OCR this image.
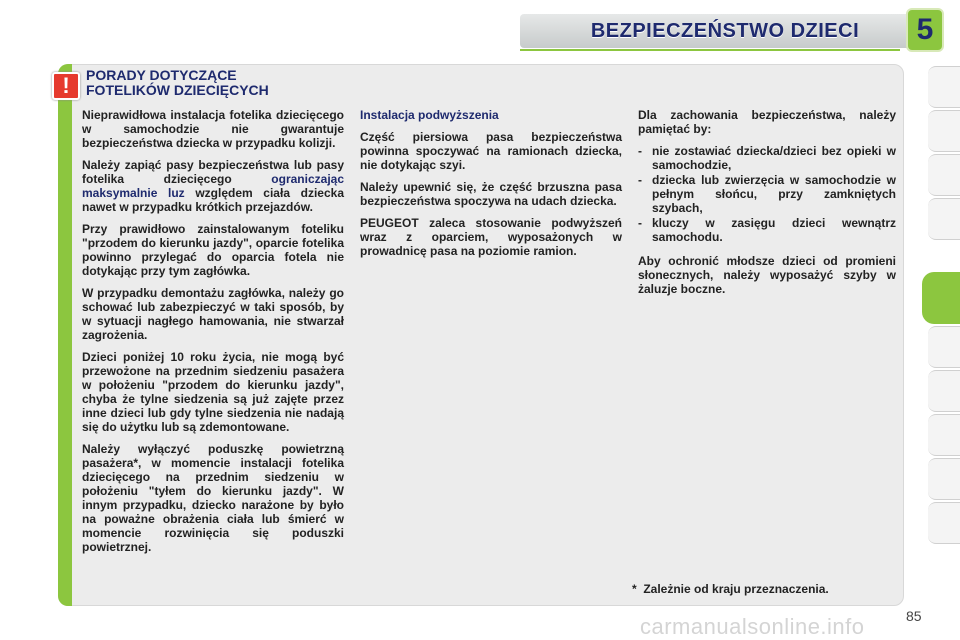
BEZPIECZEŃSTWO DZIECI	5
!	PORADY DOTYCZĄCE
FOTELIKÓW DZIECIĘCYCH

Nieprawidłowa instalacja fotelika dziecięcego w samochodzie nie gwarantuje bezpieczeństwa dziecka w przypadku kolizji.

Należy zapiąć pasy bezpieczeństwa lub pasy fotelika dziecięcego ograniczając maksymalnie luz względem ciała dziecka nawet w przypadku krótkich przejazdów.

Przy prawidłowo zainstalowanym foteliku "przodem do kierunku jazdy", oparcie fotelika powinno przylegać do oparcia fotela nie dotykając przy tym zagłówka.

W przypadku demontażu zagłówka, należy go schować lub zabezpieczyć w taki sposób, by w sytuacji nagłego hamowania, nie stwarzał zagrożenia.

Dzieci poniżej 10 roku życia, nie mogą być przewożone na przednim siedzeniu pasażera w położeniu "przodem do kierunku jazdy", chyba że tylne siedzenia są już zajęte przez inne dzieci lub gdy tylne siedzenia nie nadają się do użytku lub są zdemontowane.

Należy wyłączyć poduszkę powietrzną pasażera*, w momencie instalacji fotelika dziecięcego na przednim siedzeniu w położeniu "tyłem do kierunku jazdy". W innym przypadku, dziecko narażone by było na poważne obrażenia ciała lub śmierć w momencie rozwinięcia się poduszki powietrznej.

Instalacja podwyższenia

Część piersiowa pasa bezpieczeństwa powinna spoczywać na ramionach dziecka, nie dotykając szyi.

Należy upewnić się, że część brzuszna pasa bezpieczeństwa spoczywa na udach dziecka.

PEUGEOT zaleca stosowanie podwyższeń wraz z oparciem, wyposażonych w prowadnicę pasa na poziomie ramion.

Dla zachowania bezpieczeństwa, należy pamiętać by:

- nie zostawiać dziecka/dzieci bez opieki w samochodzie,
- dziecka lub zwierzęcia w samochodzie w pełnym słońcu, przy zamkniętych szybach,
- kluczy w zasięgu dzieci wewnątrz samochodu.

Aby ochronić młodsze dzieci od promieni słonecznych, należy wyposażyć szyby w żaluzje boczne.

* Zależnie od kraju przeznaczenia.
carmanualsonline.info	85
